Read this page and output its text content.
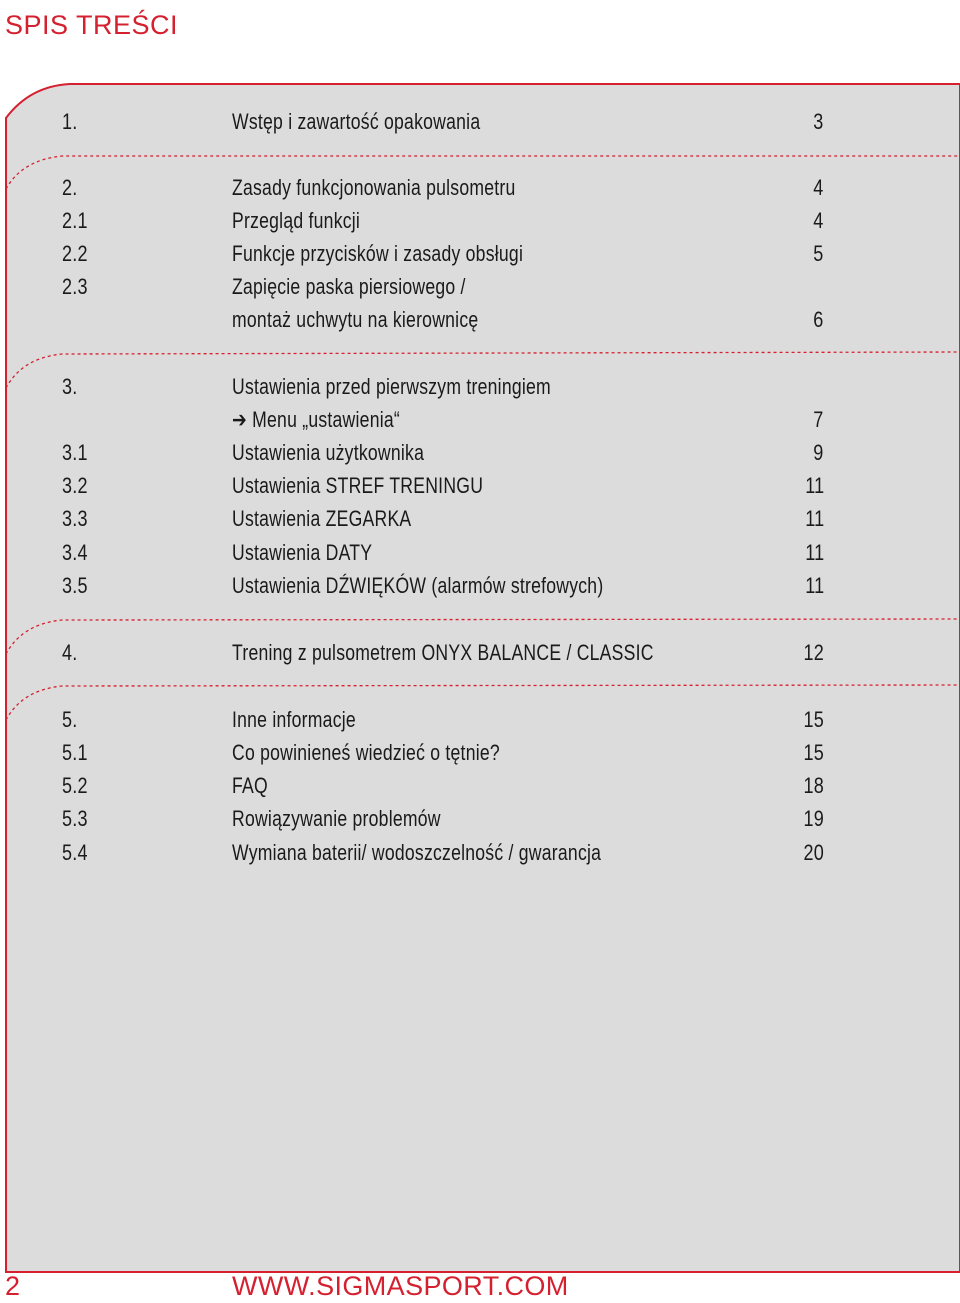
SPIS TREŚCI
1.	Wstęp i zawartość opakowania	3
2.	Zasady funkcjonowania pulsometru	4
2.1	Przegląd funkcji	4
2.2	Funkcje przycisków i zasady obsługi	5
2.3	Zapięcie paska piersiowego /
montaż uchwytu na kierownicę	6
3.	Ustawienia przed pierwszym treningiem
➔ Menu „ustawienia“	7
3.1	Ustawienia użytkownika	9
3.2	Ustawienia STREF TRENINGU	11
3.3	Ustawienia ZEGARKA	11
3.4	Ustawienia DATY	11
3.5	Ustawienia DŹWIĘKÓW (alarmów strefowych)	11
4.	Trening z pulsometrem ONYX BALANCE / CLASSIC	12
5.	Inne informacje	15
5.1	Co powinieneś wiedzieć o tętnie?	15
5.2	FAQ	18
5.3	Rowiązywanie problemów	19
5.4	Wymiana baterii/ wodoszczelność / gwarancja	20
2	WWW.SIGMASPORT.COM
